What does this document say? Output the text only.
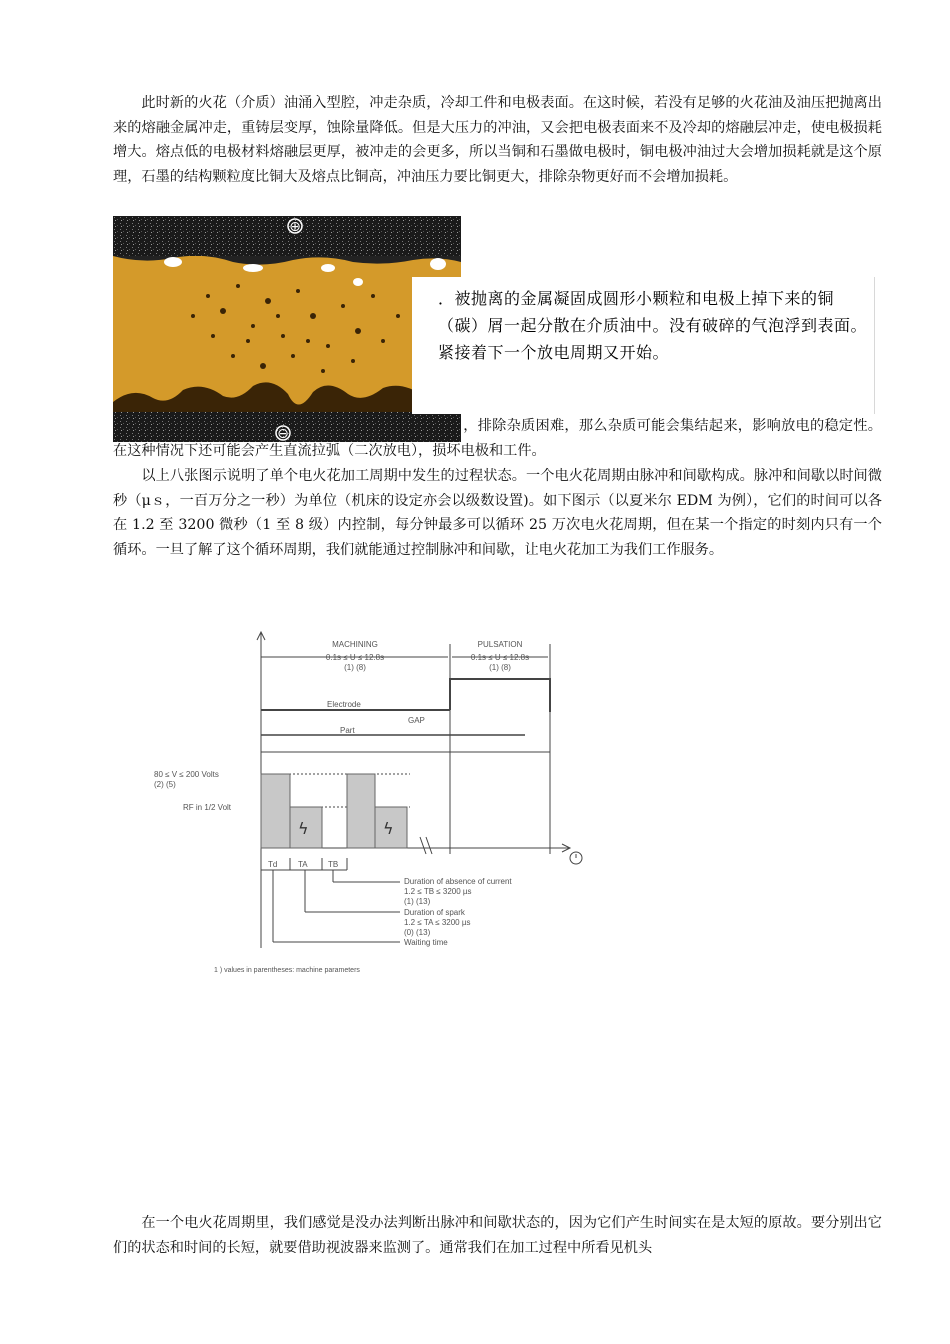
此时新的火花（介质）油涌入型腔，冲走杂质，冷却工件和电极表面。在这时候，若没有足够的火花油及油压把抛离出来的熔融金属冲走，重铸层变厚，蚀除量降低。但是大压力的冲油，又会把电极表面来不及冷却的熔融层冲走，使电极损耗增大。熔点低的电极材料熔融层更厚，被冲走的会更多，所以当铜和石墨做电极时，铜电极冲油过大会增加损耗就是这个原理，石墨的结构颗粒度比铜大及熔点比铜高，冲油压力要比铜更大，排除杂物更好而不会增加损耗。

⊕
⊖

．被抛离的金属凝固成圆形小颗粒和电极上掉下来的铜（碳）屑一起分散在介质油中。没有破碎的气泡浮到表面。紧接着下一个放电周期又开始。

，排除杂质困难，那么杂质可能会集结起来，影响放电的稳定性。在这种情况下还可能会产生直流拉弧（二次放电），损坏电极和工件。

以上八张图示说明了单个电火花加工周期中发生的过程状态。一个电火花周期由脉冲和间歇构成。脉冲和间歇以时间微秒（μｓ，一百万分之一秒）为单位（机床的设定亦会以级数设置)。如下图示（以夏米尔 EDM 为例），它们的时间可以各在 1.2 至 3200 微秒（1 至 8 级）内控制，每分钟最多可以循环 25 万次电火花周期，但在某一个指定的时刻内只有一个循环。一旦了解了这个循环周期，我们就能通过控制脉冲和间歇，让电火花加工为我们工作服务。

ϟ	ϟ
MACHINING
0.1s ≤ U ≤ 12.8s
(1) (8)
PULSATION
0.1s ≤ U ≤ 12.8s
(1) (8)
Electrode
GAP
Part
80 ≤ V ≤ 200 Volts
(2) (5)
RF in 1/2 Volt
Td	TA	TB
Duration of absence of current
1.2 ≤ TB ≤ 3200 µs
(1) (13)
Duration of spark
1.2 ≤ TA ≤ 3200 µs
(0) (13)
Waiting time
1 ) values in parentheses: machine parameters

在一个电火花周期里，我们感觉是没办法判断出脉冲和间歇状态的，因为它们产生时间实在是太短的原故。要分别出它们的状态和时间的长短，就要借助视波器来监测了。通常我们在加工过程中所看见机头
